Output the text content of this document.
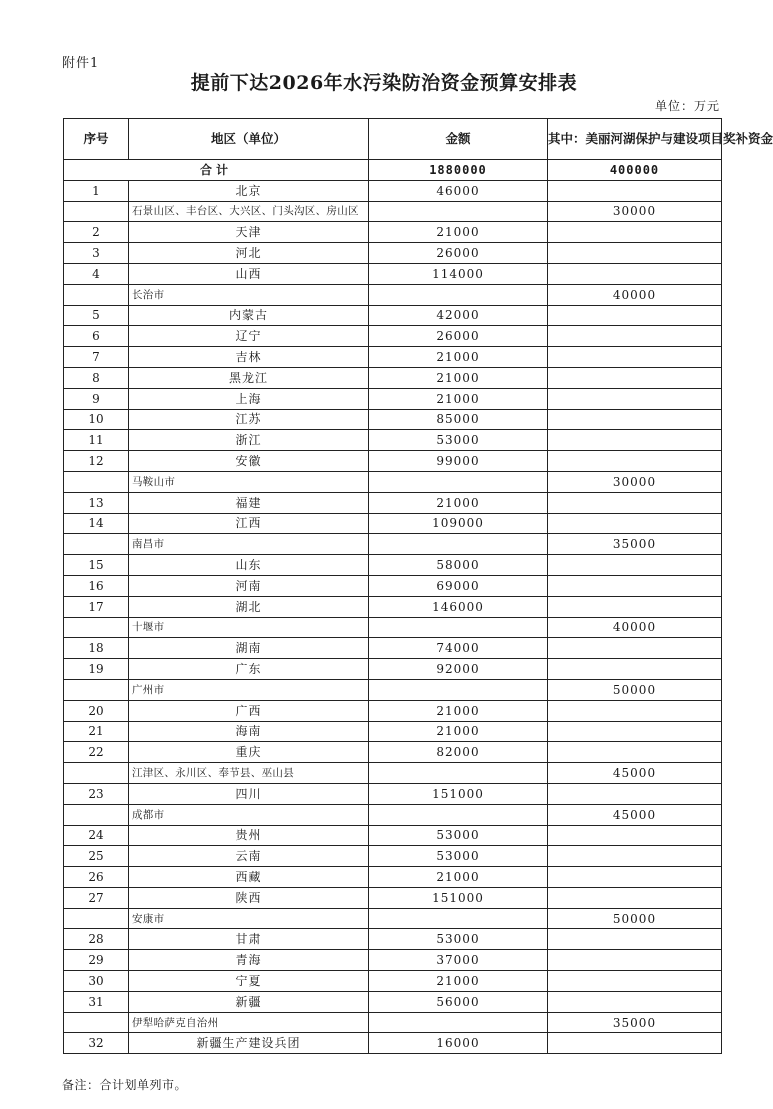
附件1
提前下达2026年水污染防治资金预算安排表
单位：万元
序号	地区（单位）	金额	其中：美丽河湖保护与建设项目奖补资金
合计		1880000	400000
1	北京	46000	
	石景山区、丰台区、大兴区、门头沟区、房山区		30000
2	天津	21000	
3	河北	26000	
4	山西	114000	
	长治市		40000
5	内蒙古	42000	
6	辽宁	26000	
7	吉林	21000	
8	黑龙江	21000	
9	上海	21000	
10	江苏	85000	
11	浙江	53000	
12	安徽	99000	
	马鞍山市		30000
13	福建	21000	
14	江西	109000	
	南昌市		35000
15	山东	58000	
16	河南	69000	
17	湖北	146000	
	十堰市		40000
18	湖南	74000	
19	广东	92000	
	广州市		50000
20	广西	21000	
21	海南	21000	
22	重庆	82000	
	江津区、永川区、奉节县、巫山县		45000
23	四川	151000	
	成都市		45000
24	贵州	53000	
25	云南	53000	
26	西藏	21000	
27	陕西	151000	
	安康市		50000
28	甘肃	53000	
29	青海	37000	
30	宁夏	21000	
31	新疆	56000	
	伊犁哈萨克自治州		35000
32	新疆生产建设兵团	16000	
备注：合计划单列市。
